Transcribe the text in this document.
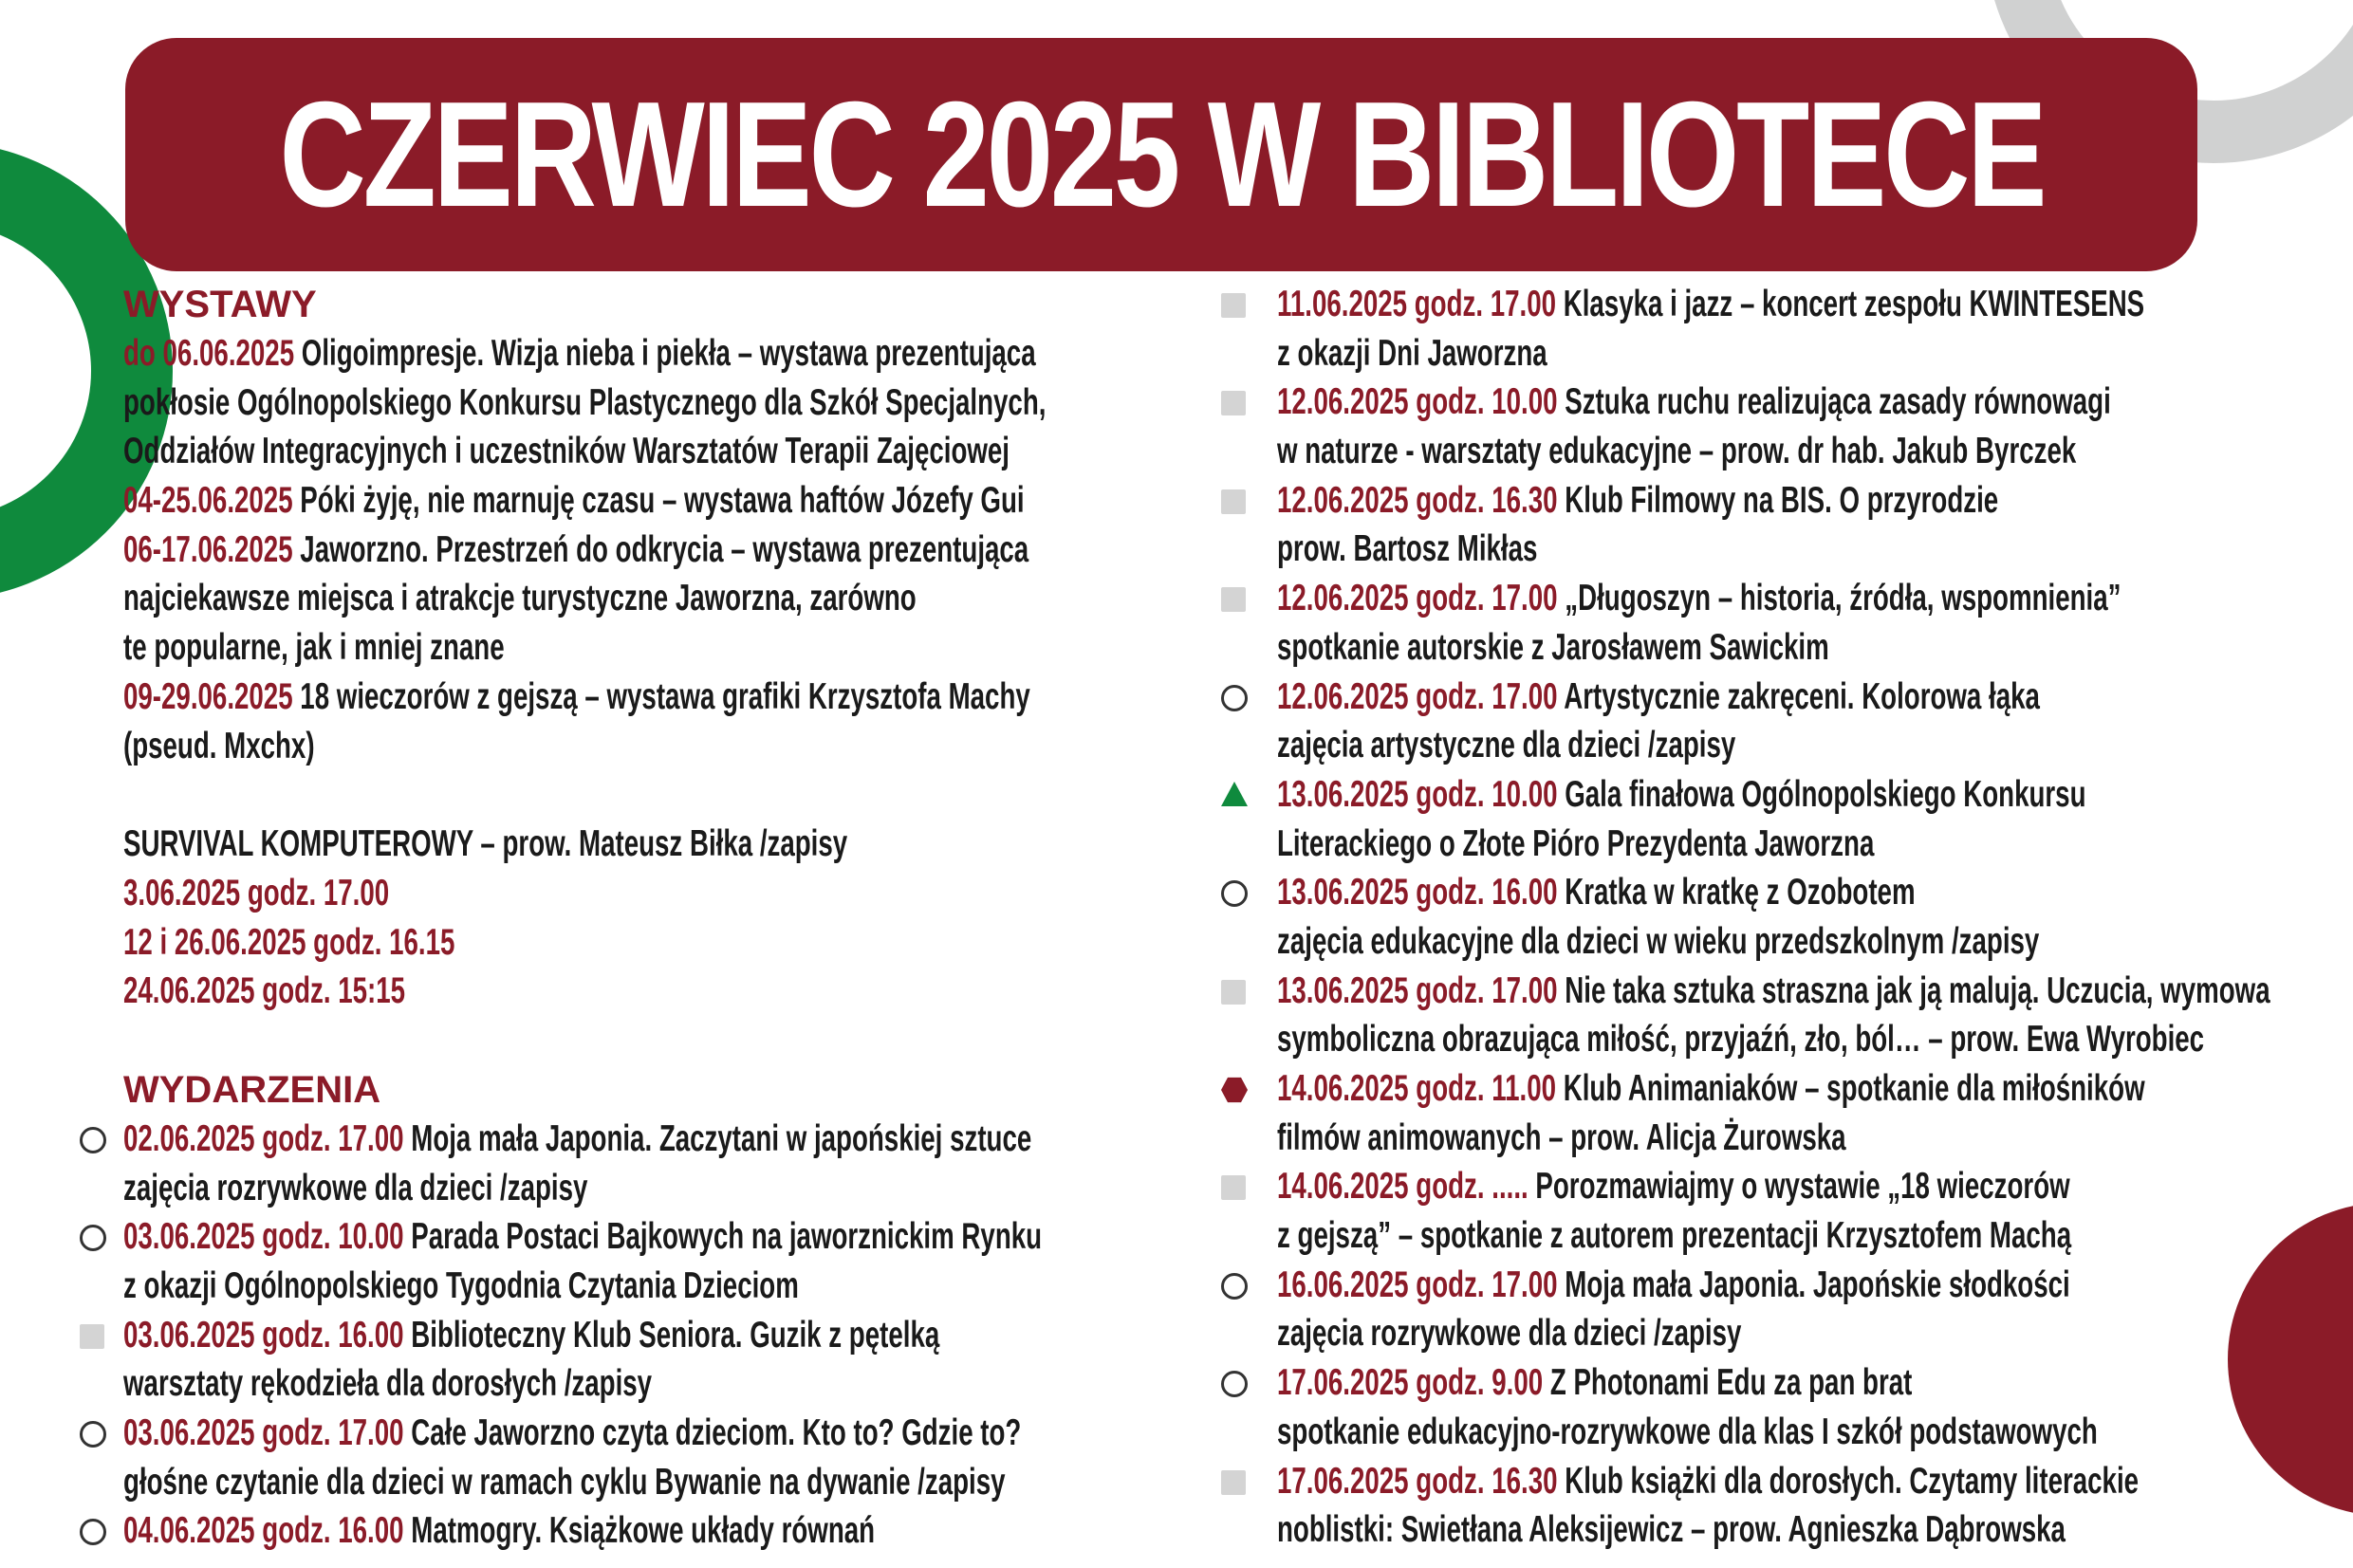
CZERWIEC 2025 W BIBLIOTECE
WYSTAWY
do 06.06.2025 Oligoimpresje. Wizja nieba i piekła – wystawa prezentująca
pokłosie Ogólnopolskiego Konkursu Plastycznego dla Szkół Specjalnych,
Oddziałów Integracyjnych i uczestników Warsztatów Terapii Zajęciowej
04-25.06.2025 Póki żyję, nie marnuję czasu – wystawa haftów Józefy Gui
06-17.06.2025 Jaworzno. Przestrzeń do odkrycia – wystawa prezentująca
najciekawsze miejsca i atrakcje turystyczne Jaworzna, zarówno
te popularne, jak i mniej znane
09-29.06.2025 18 wieczorów z gejszą – wystawa grafiki Krzysztofa Machy
(pseud. Mxchx)
SURVIVAL KOMPUTEROWY – prow. Mateusz Biłka /zapisy
3.06.2025 godz. 17.00
12 i 26.06.2025 godz. 16.15
24.06.2025 godz. 15:15
WYDARZENIA
02.06.2025 godz. 17.00 Moja mała Japonia. Zaczytani w japońskiej sztuce
zajęcia rozrywkowe dla dzieci /zapisy
03.06.2025 godz. 10.00 Parada Postaci Bajkowych na jaworznickim Rynku
z okazji Ogólnopolskiego Tygodnia Czytania Dzieciom
03.06.2025 godz. 16.00 Biblioteczny Klub Seniora. Guzik z pętelką
warsztaty rękodzieła dla dorosłych /zapisy
03.06.2025 godz. 17.00 Całe Jaworzno czyta dzieciom. Kto to? Gdzie to?
głośne czytanie dla dzieci w ramach cyklu Bywanie na dywanie /zapisy
04.06.2025 godz. 16.00 Matmogry. Książkowe układy równań
11.06.2025 godz. 17.00 Klasyka i jazz – koncert zespołu KWINTESENS
z okazji Dni Jaworzna
12.06.2025 godz. 10.00 Sztuka ruchu realizująca zasady równowagi
w naturze - warsztaty edukacyjne – prow. dr hab. Jakub Byrczek
12.06.2025 godz. 16.30 Klub Filmowy na BIS. O przyrodzie
prow. Bartosz Mikłas
12.06.2025 godz. 17.00 „Długoszyn – historia, źródła, wspomnienia”
spotkanie autorskie z Jarosławem Sawickim
12.06.2025 godz. 17.00 Artystycznie zakręceni. Kolorowa łąka
zajęcia artystyczne dla dzieci /zapisy
13.06.2025 godz. 10.00 Gala finałowa Ogólnopolskiego Konkursu
Literackiego o Złote Pióro Prezydenta Jaworzna
13.06.2025 godz. 16.00 Kratka w kratkę z Ozobotem
zajęcia edukacyjne dla dzieci w wieku przedszkolnym /zapisy
13.06.2025 godz. 17.00 Nie taka sztuka straszna jak ją malują. Uczucia, wymowa
symboliczna obrazująca miłość, przyjaźń, zło, ból… – prow. Ewa Wyrobiec
14.06.2025 godz. 11.00 Klub Animaniaków – spotkanie dla miłośników
filmów animowanych – prow. Alicja Żurowska
14.06.2025 godz. ..... Porozmawiajmy o wystawie „18 wieczorów
z gejszą” – spotkanie z autorem prezentacji Krzysztofem Machą
16.06.2025 godz. 17.00 Moja mała Japonia. Japońskie słodkości
zajęcia rozrywkowe dla dzieci /zapisy
17.06.2025 godz. 9.00 Z Photonami Edu za pan brat
spotkanie edukacyjno-rozrywkowe dla klas I szkół podstawowych
17.06.2025 godz. 16.30 Klub książki dla dorosłych. Czytamy literackie
noblistki: Swietłana Aleksijewicz – prow. Agnieszka Dąbrowska
